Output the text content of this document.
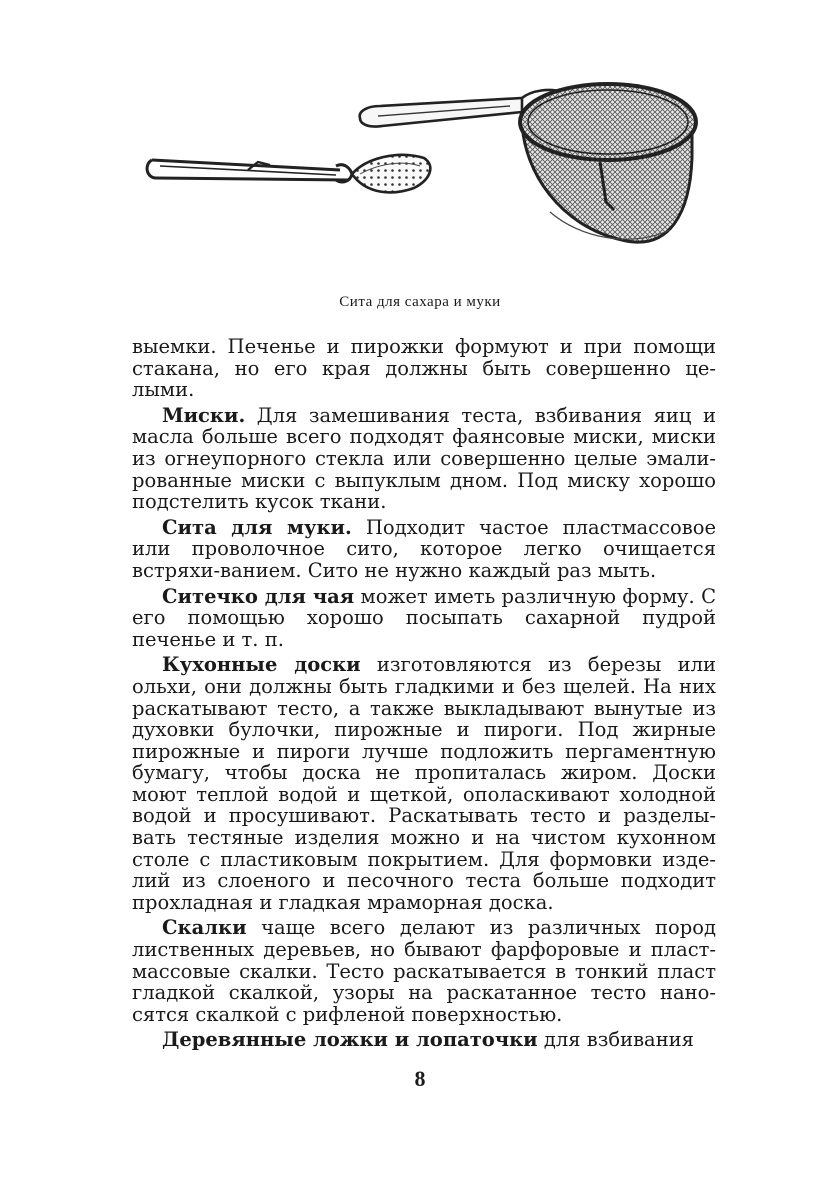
Сита для сахара и муки

выемки. Печенье и пирожки формуют и при помощи стакана, но его края должны быть совершенно це-лыми.

Миски. Для замешивания теста, взбивания яиц и масла больше всего подходят фаянсовые миски, миски из огнеупорного стекла или совершенно целые эмали-рованные миски с выпуклым дном. Под миску хорошо подстелить кусок ткани.

Сита для муки. Подходит частое пластмассовое или проволочное сито, которое легко очищается встряхи-ванием. Сито не нужно каждый раз мыть.

Ситечко для чая может иметь различную форму. С его помощью хорошо посыпать сахарной пудрой печенье и т. п.

Кухонные доски изготовляются из березы или ольхи, они должны быть гладкими и без щелей. На них раскатывают тесто, а также выкладывают вынутые из духовки булочки, пирожные и пироги. Под жирные пирожные и пироги лучше подложить пергаментную бумагу, чтобы доска не пропиталась жиром. Доски моют теплой водой и щеткой, ополаскивают холодной водой и просушивают. Раскатывать тесто и разделы-вать тестяные изделия можно и на чистом кухонном столе с пластиковым покрытием. Для формовки изде-лий из слоеного и песочного теста больше подходит прохладная и гладкая мраморная доска.

Скалки чаще всего делают из различных пород лиственных деревьев, но бывают фарфоровые и пласт-массовые скалки. Тесто раскатывается в тонкий пласт гладкой скалкой, узоры на раскатанное тесто нано-сятся скалкой с рифленой поверхностью.

Деревянные ложки и лопаточки для взбивания

8
